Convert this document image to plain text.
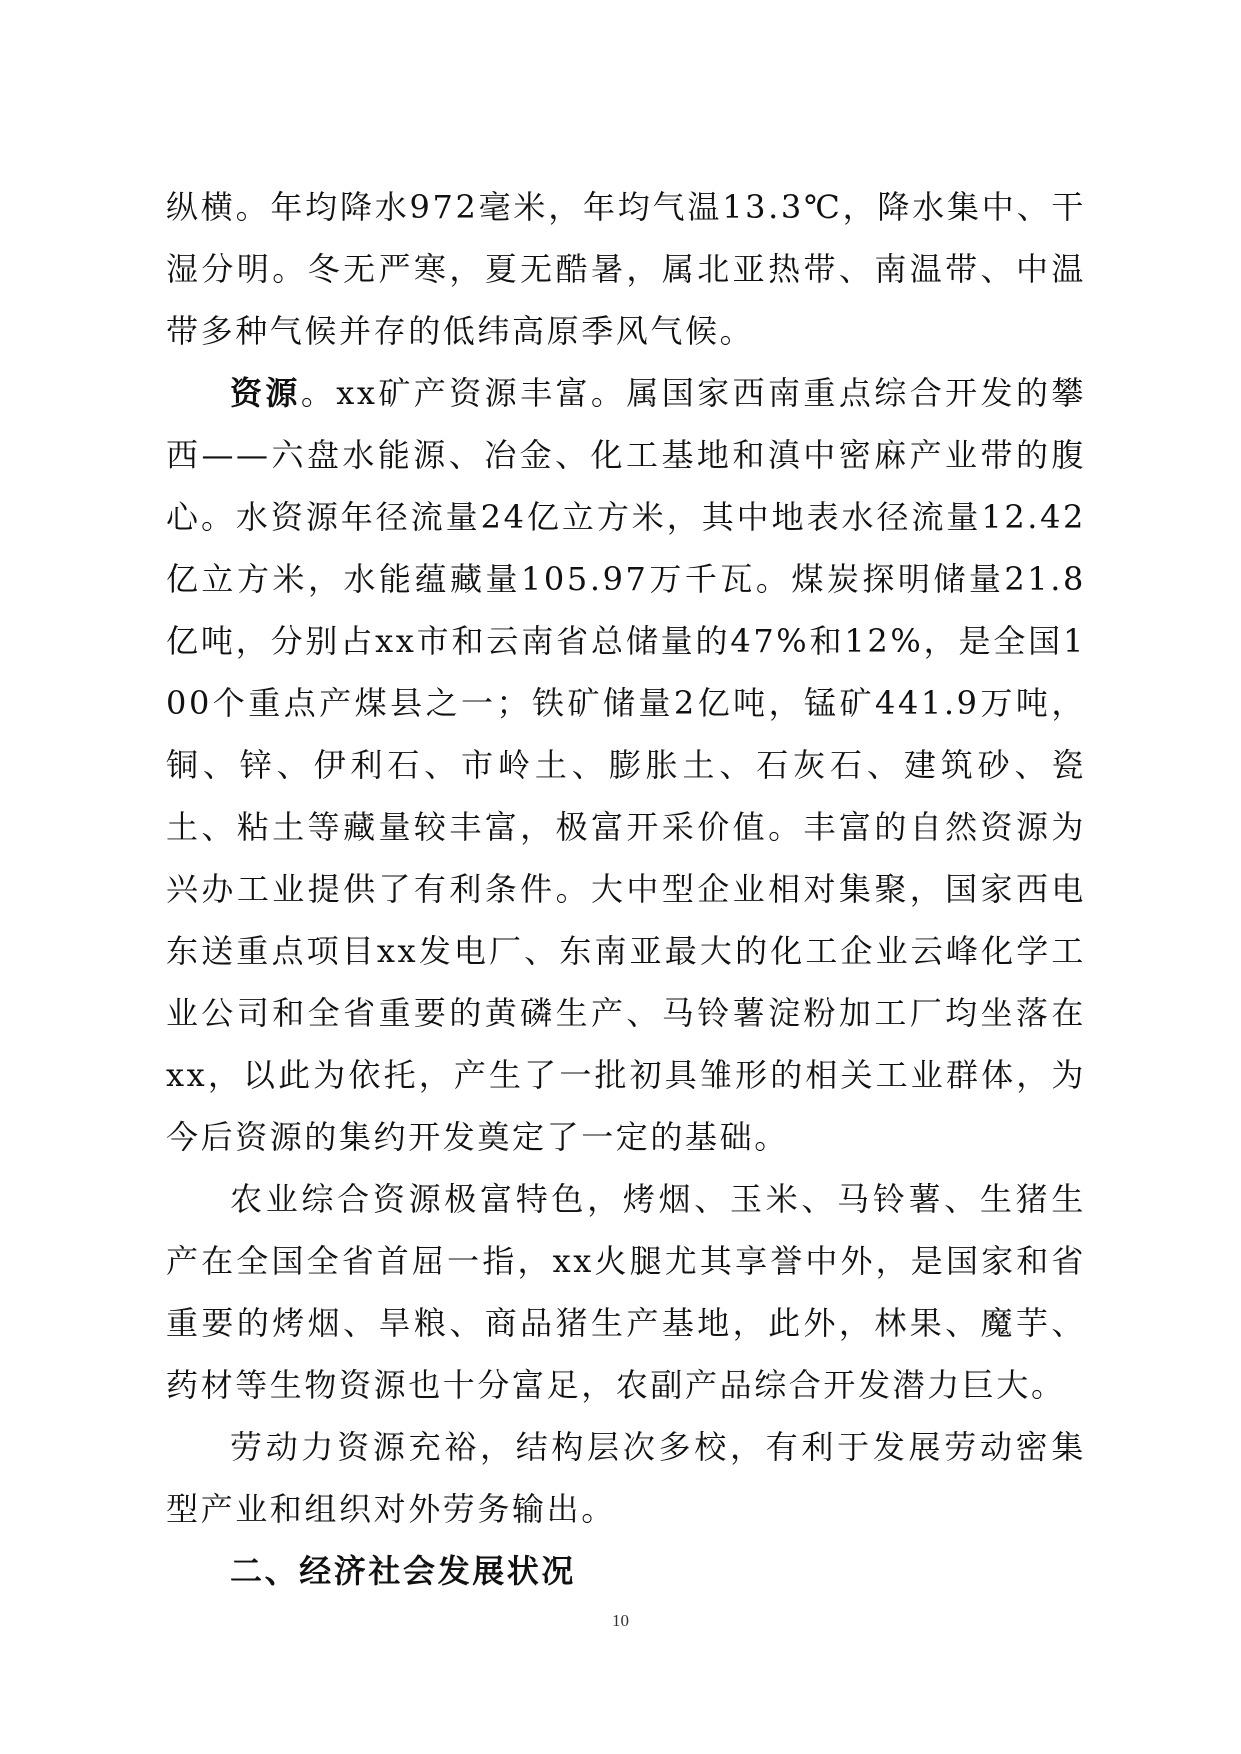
纵横。年均降水972毫米，年均气温13.3℃，降水集中、干湿分明。冬无严寒，夏无酷暑，属北亚热带、南温带、中温带多种气候并存的低纬高原季风气候。

资源。xx矿产资源丰富。属国家西南重点综合开发的攀西——六盘水能源、冶金、化工基地和滇中密麻产业带的腹心。水资源年径流量24亿立方米，其中地表水径流量12.42亿立方米，水能蕴藏量105.97万千瓦。煤炭探明储量21.8亿吨，分别占xx市和云南省总储量的47%和12%，是全国100个重点产煤县之一；铁矿储量2亿吨，锰矿441.9万吨，铜、锌、伊利石、市岭土、膨胀土、石灰石、建筑砂、瓷土、粘土等藏量较丰富，极富开采价值。丰富的自然资源为兴办工业提供了有利条件。大中型企业相对集聚，国家西电东送重点项目xx发电厂、东南亚最大的化工企业云峰化学工业公司和全省重要的黄磷生产、马铃薯淀粉加工厂均坐落在xx，以此为依托，产生了一批初具雏形的相关工业群体，为今后资源的集约开发奠定了一定的基础。

农业综合资源极富特色，烤烟、玉米、马铃薯、生猪生产在全国全省首屈一指，xx火腿尤其享誉中外，是国家和省重要的烤烟、旱粮、商品猪生产基地，此外，林果、魔芋、药材等生物资源也十分富足，农副产品综合开发潜力巨大。

劳动力资源充裕，结构层次多校，有利于发展劳动密集型产业和组织对外劳务输出。

二、经济社会发展状况

10
